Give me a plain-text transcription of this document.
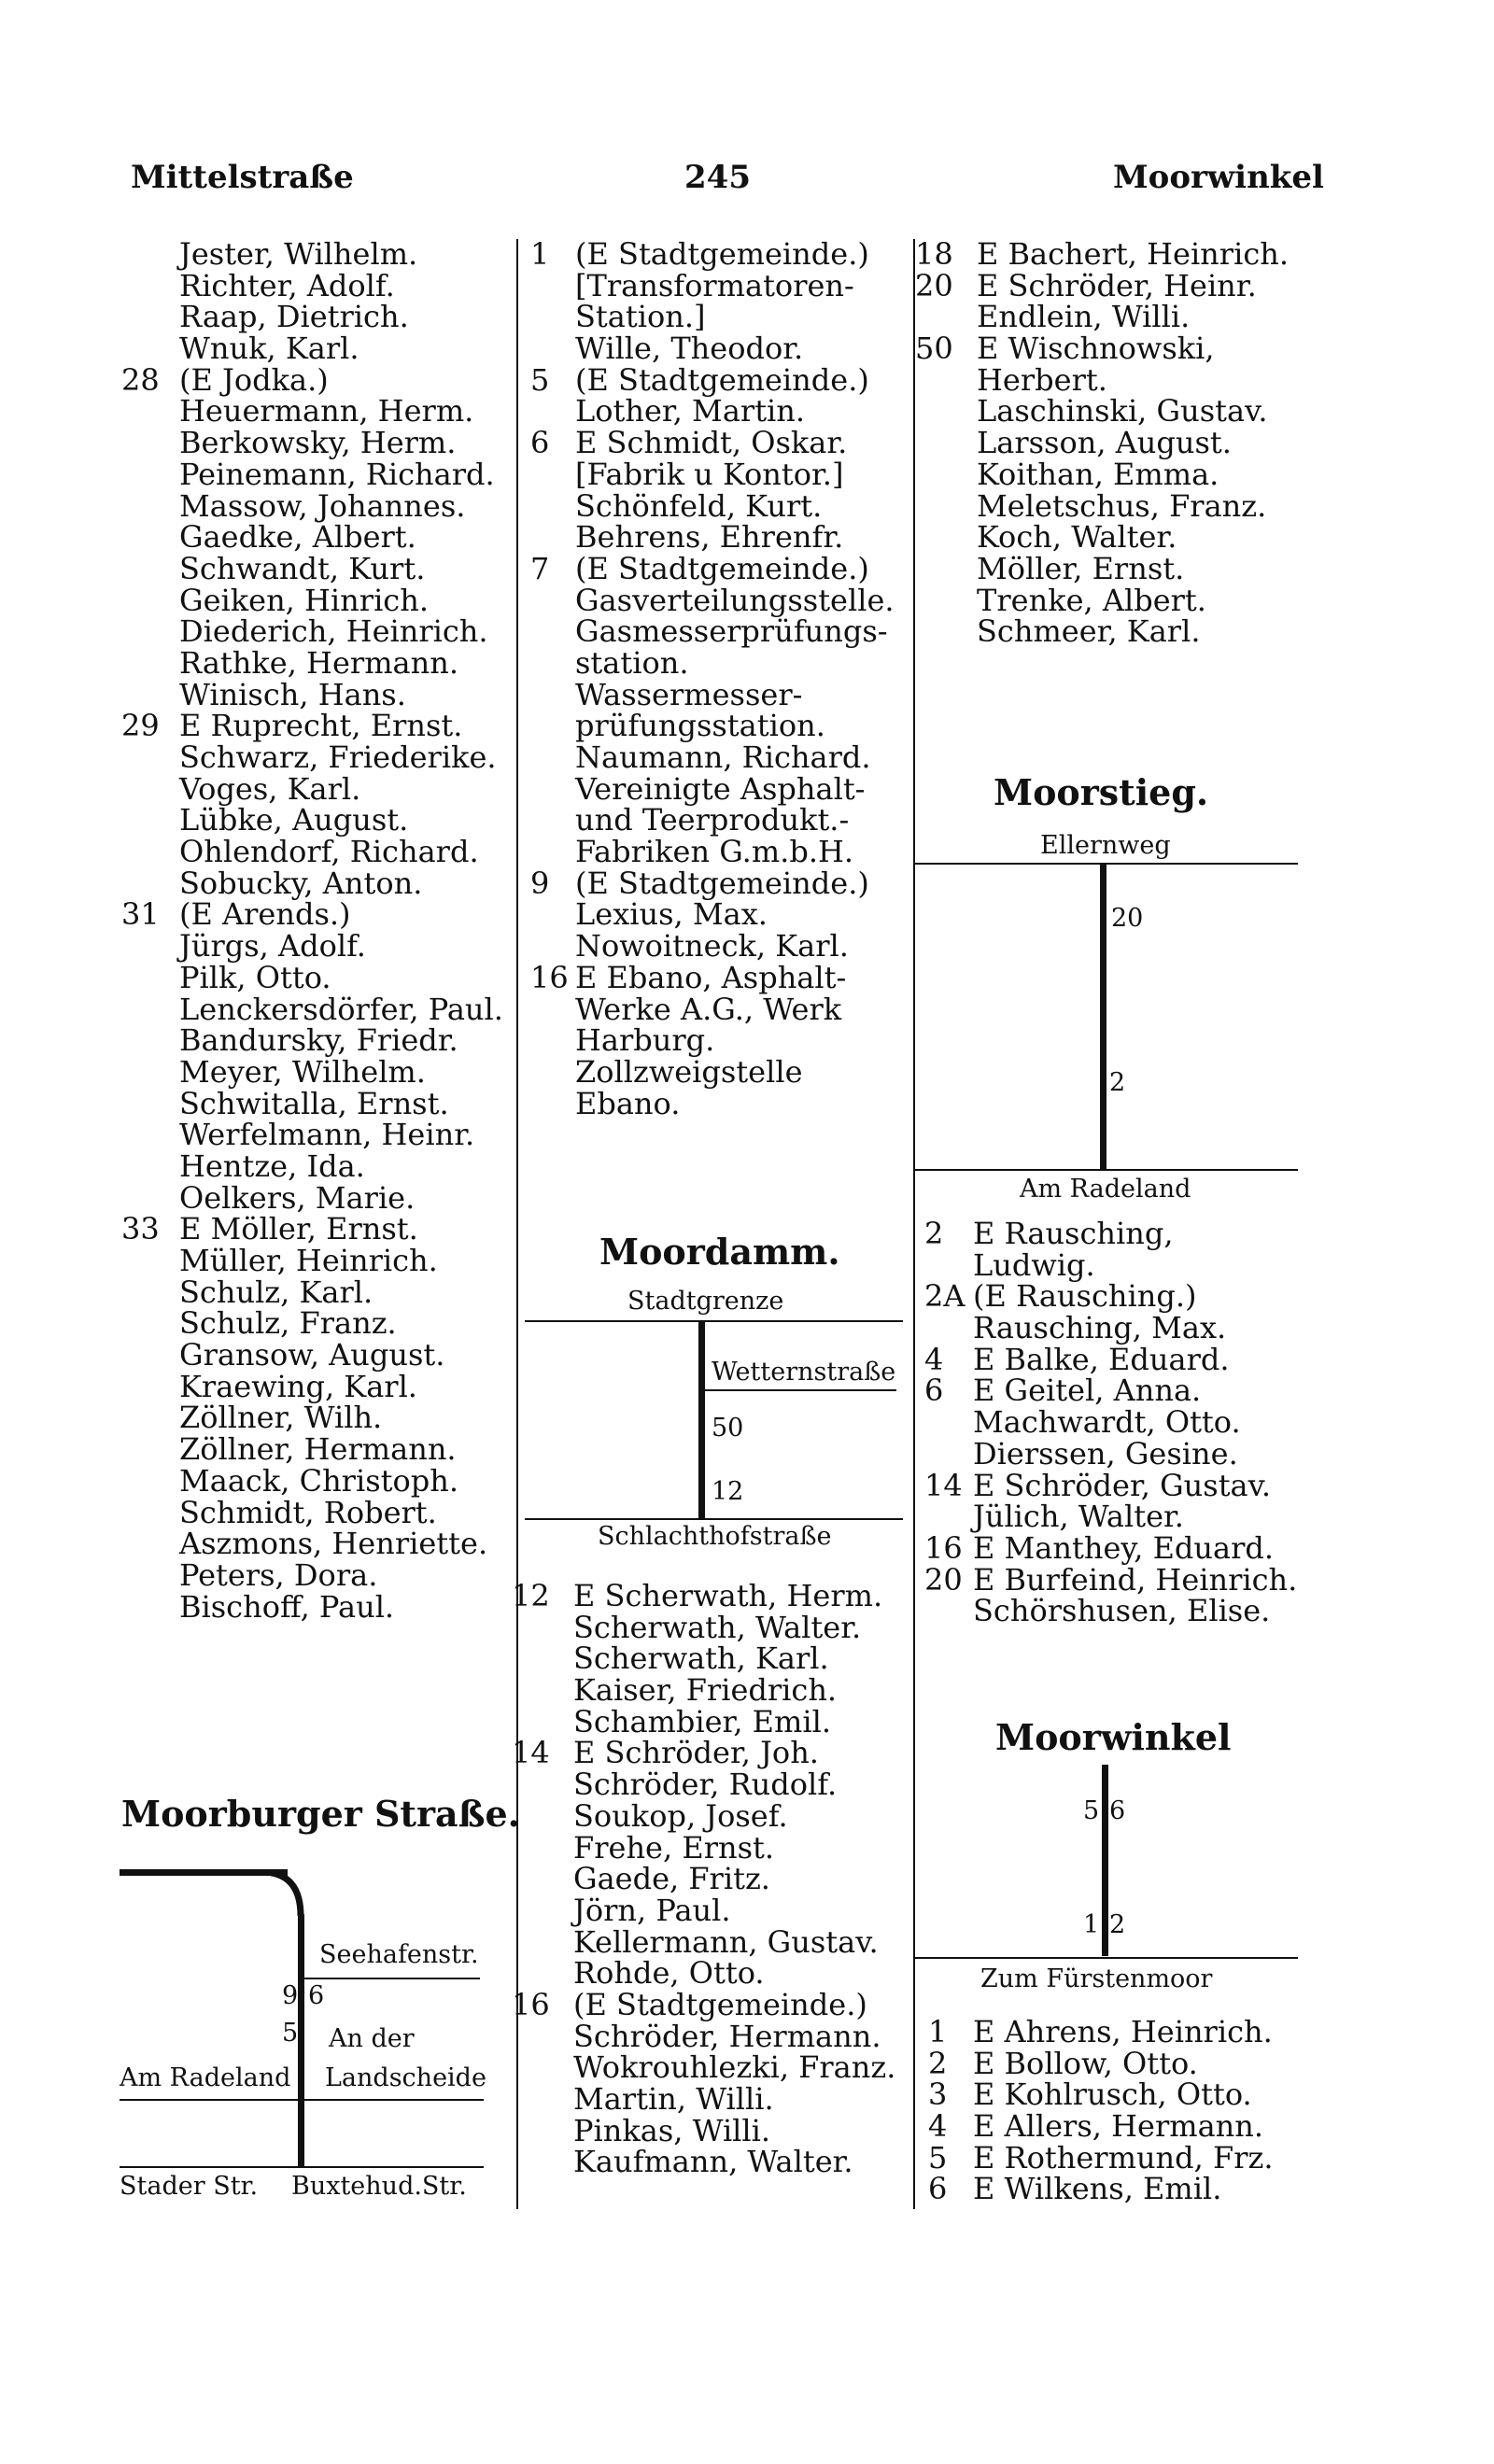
Mittelstraße	245	Moorwinkel
Jester, Wilhelm.
Richter, Adolf.
Raap, Dietrich.
Wnuk, Karl.
28 (E Jodka.)
Heuermann, Herm.
Berkowsky, Herm.
Peinemann, Richard.
Massow, Johannes.
Gaedke, Albert.
Schwandt, Kurt.
Geiken, Hinrich.
Diederich, Heinrich.
Rathke, Hermann.
Winisch, Hans.
29 E Ruprecht, Ernst.
Schwarz, Friederike.
Voges, Karl.
Lübke, August.
Ohlendorf, Richard.
Sobucky, Anton.
31 (E Arends.)
Jürgs, Adolf.
Pilk, Otto.
Lenckersdörfer, Paul.
Bandursky, Friedr.
Meyer, Wilhelm.
Schwitalla, Ernst.
Werfelmann, Heinr.
Hentze, Ida.
Oelkers, Marie.
33 E Möller, Ernst.
Müller, Heinrich.
Schulz, Karl.
Schulz, Franz.
Gransow, August.
Kraewing, Karl.
Zöllner, Wilh.
Zöllner, Hermann.
Maack, Christoph.
Schmidt, Robert.
Aszmons, Henriette.
Peters, Dora.
Bischoff, Paul.
Moorburger Straße.
Seehafenstr.
9 6
5 An der
Am Radeland Landscheide
Stader Str. Buxtehud.Str.
1 (E Stadtgemeinde.)
[Transformatoren-
Station.]
Wille, Theodor.
5 (E Stadtgemeinde.)
Lother, Martin.
6 E Schmidt, Oskar.
[Fabrik u Kontor.]
Schönfeld, Kurt.
Behrens, Ehrenfr.
7 (E Stadtgemeinde.)
Gasverteilungsstelle.
Gasmesserprüfungs-
station.
Wassermesser-
prüfungsstation.
Naumann, Richard.
Vereinigte Asphalt-
und Teerprodukt.-
Fabriken G.m.b.H.
9 (E Stadtgemeinde.)
Lexius, Max.
Nowoitneck, Karl.
16 E Ebano, Asphalt-
Werke A.G., Werk
Harburg.
Zollzweigstelle
Ebano.
Moordamm.
Stadtgrenze
Wetternstraße
50
12
Schlachthofstraße
12 E Scherwath, Herm.
Scherwath, Walter.
Scherwath, Karl.
Kaiser, Friedrich.
Schambier, Emil.
14 E Schröder, Joh.
Schröder, Rudolf.
Soukop, Josef.
Frehe, Ernst.
Gaede, Fritz.
Jörn, Paul.
Kellermann, Gustav.
Rohde, Otto.
16 (E Stadtgemeinde.)
Schröder, Hermann.
Wokrouhlezki, Franz.
Martin, Willi.
Pinkas, Willi.
Kaufmann, Walter.
18 E Bachert, Heinrich.
20 E Schröder, Heinr.
Endlein, Willi.
50 E Wischnowski,
Herbert.
Laschinski, Gustav.
Larsson, August.
Koithan, Emma.
Meletschus, Franz.
Koch, Walter.
Möller, Ernst.
Trenke, Albert.
Schmeer, Karl.
Moorstieg.
Ellernweg
20
2
Am Radeland
2 E Rausching,
Ludwig.
2A (E Rausching.)
Rausching, Max.
4 E Balke, Eduard.
6 E Geitel, Anna.
Machwardt, Otto.
Dierssen, Gesine.
14 E Schröder, Gustav.
Jülich, Walter.
16 E Manthey, Eduard.
20 E Burfeind, Heinrich.
Schörshusen, Elise.
Moorwinkel
5 6
1 2
Zum Fürstenmoor
1 E Ahrens, Heinrich.
2 E Bollow, Otto.
3 E Kohlrusch, Otto.
4 E Allers, Hermann.
5 E Rothermund, Frz.
6 E Wilkens, Emil.
